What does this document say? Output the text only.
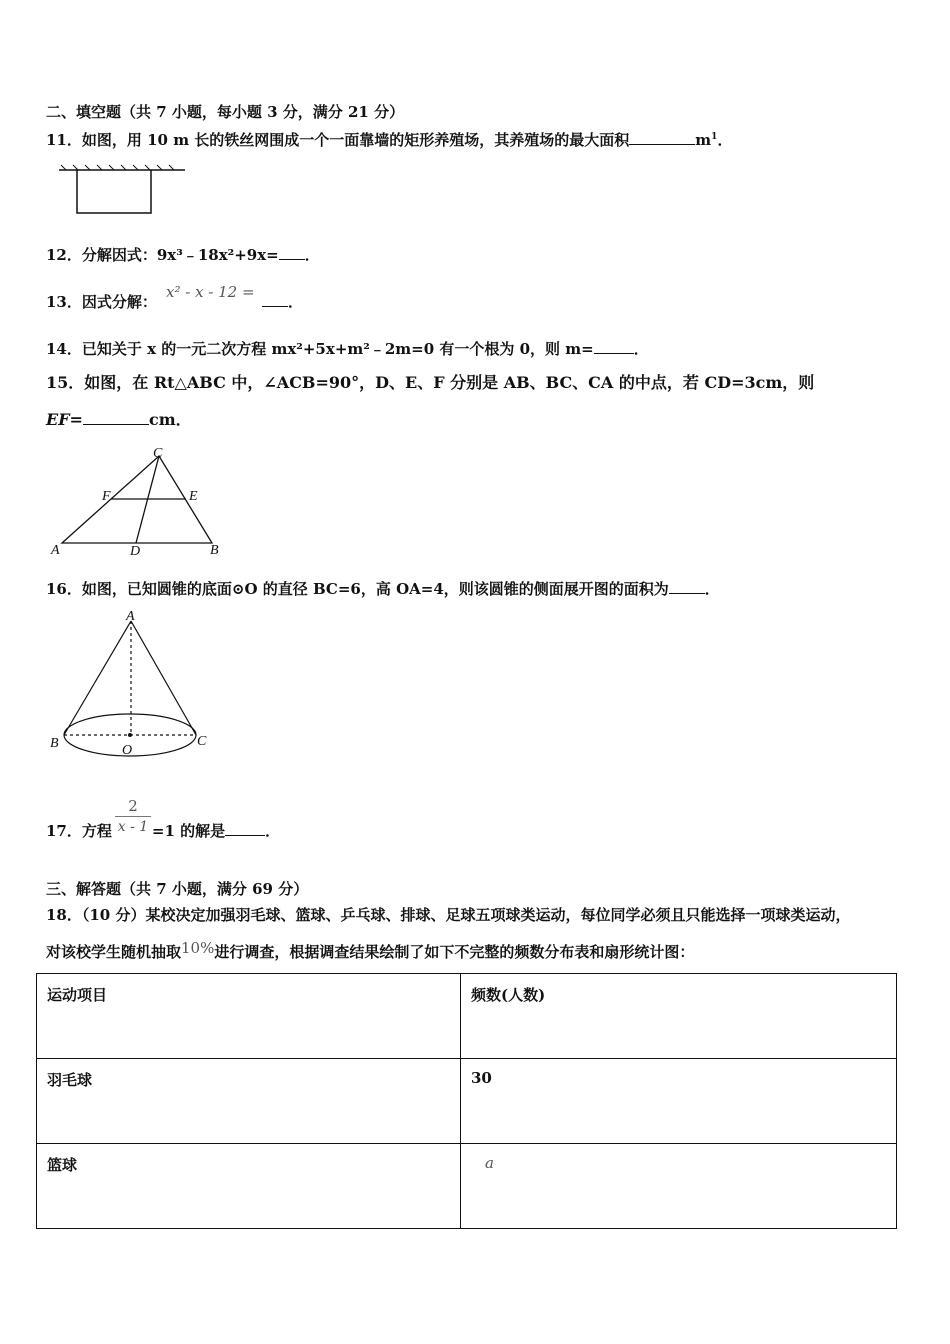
二、填空题（共 7 小题，每小题 3 分，满分 21 分）
11．如图，用 10 m 长的铁丝网围成一个一面靠墙的矩形养殖场，其养殖场的最大面积	$m^1$．
12．分解因式：9x³﹣18x²+9x= ．
13．因式分解：
x² - x - 12 =
．
14．已知关于 x 的一元二次方程 mx²+5x+m²﹣2m=0 有一个根为 0，则 m=	．
15．如图，在 Rt△ABC 中，∠ACB=90°，D、E、F 分别是 AB、BC、CA 的中点，若 CD=3cm，则
EF=	cm．
A	B
C
D
E
F
16．如图，已知圆锥的底面⊙O 的直径 BC=6，高 OA=4，则该圆锥的侧面展开图的面积为 ．
A
B	C
O
2
x - 1
17．方程	=1 的解是	．
三、解答题（共 7 小题，满分 69 分）
18．（10 分）某校决定加强羽毛球、篮球、乒乓球、排球、足球五项球类运动，每位同学必须且只能选择一项球类运动，
对该校学生随机抽取10%进行调查，根据调查结果绘制了如下不完整的频数分布表和扇形统计图：
运动项目	频数(人数)
羽毛球	30
篮球	a
